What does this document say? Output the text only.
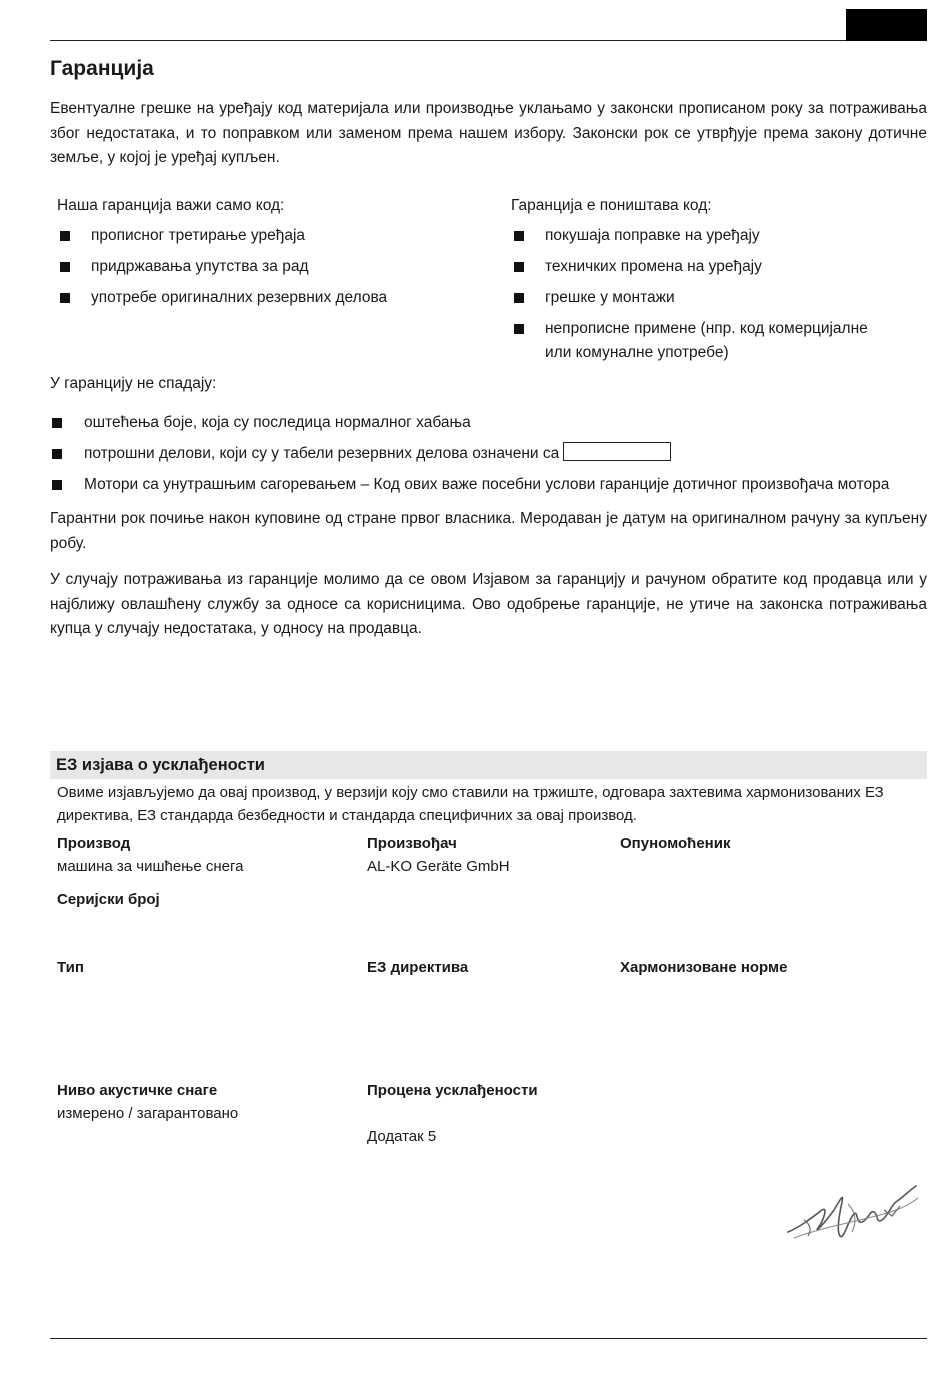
Гаранција

Евентуалне грешке на уређају код материјала или производње уклањамо у законски прописаном року за потраживања због недостатака, и то поправком или заменом према нашем избору. Законски рок се утврђује према закону дотичне земље, у којој је уређај купљен.

Наша гаранција важи само код:

прописног третирање уређаја
придржавања упутства за рад
употребе оригиналних резервних делова

Гаранција е поништава код:

покушаја поправке на уређају
техничких промена на уређају
грешке у монтажи
непрописне примене (нпр. код комерцијалне или комуналне употребе)

У гаранцију не спадају:

оштећења боје, која су последица нормалног хабања
потрошни делови, који су у табели резервних делова означени са
Мотори са унутрашњим сагоревањем – Код ових важе посебни услови гаранције дотичног произвођача мотора

Гарантни рок почиње након куповине од стране првог власника. Меродаван је датум на оригиналном рачуну за купљену робу.

У случају потраживања из гаранције молимо да се овом Изјавом за гаранцију и рачуном обратите код продавца или у најближу овлашћену службу за односе са корисницима. Ово одобрење гаранције, не утиче на законска потраживања купца у случају недостатака, у односу на продавца.

ЕЗ изјава о усклађености
Овиме изјављујемо да овај производ, у верзији коју смо ставили на тржиште, одговара захтевима хармонизованих ЕЗ директива, ЕЗ стандарда безбедности и стандарда специфичних за овај производ.
Производ
машина за чишћење снега
Произвођач
AL-KO Geräte GmbH
Опуномоћеник
Серијски број
Тип	ЕЗ директива	Хармонизоване норме
Ниво акустичке снаге
измерено / загарантовано
Процена усклађености
Додатак 5
